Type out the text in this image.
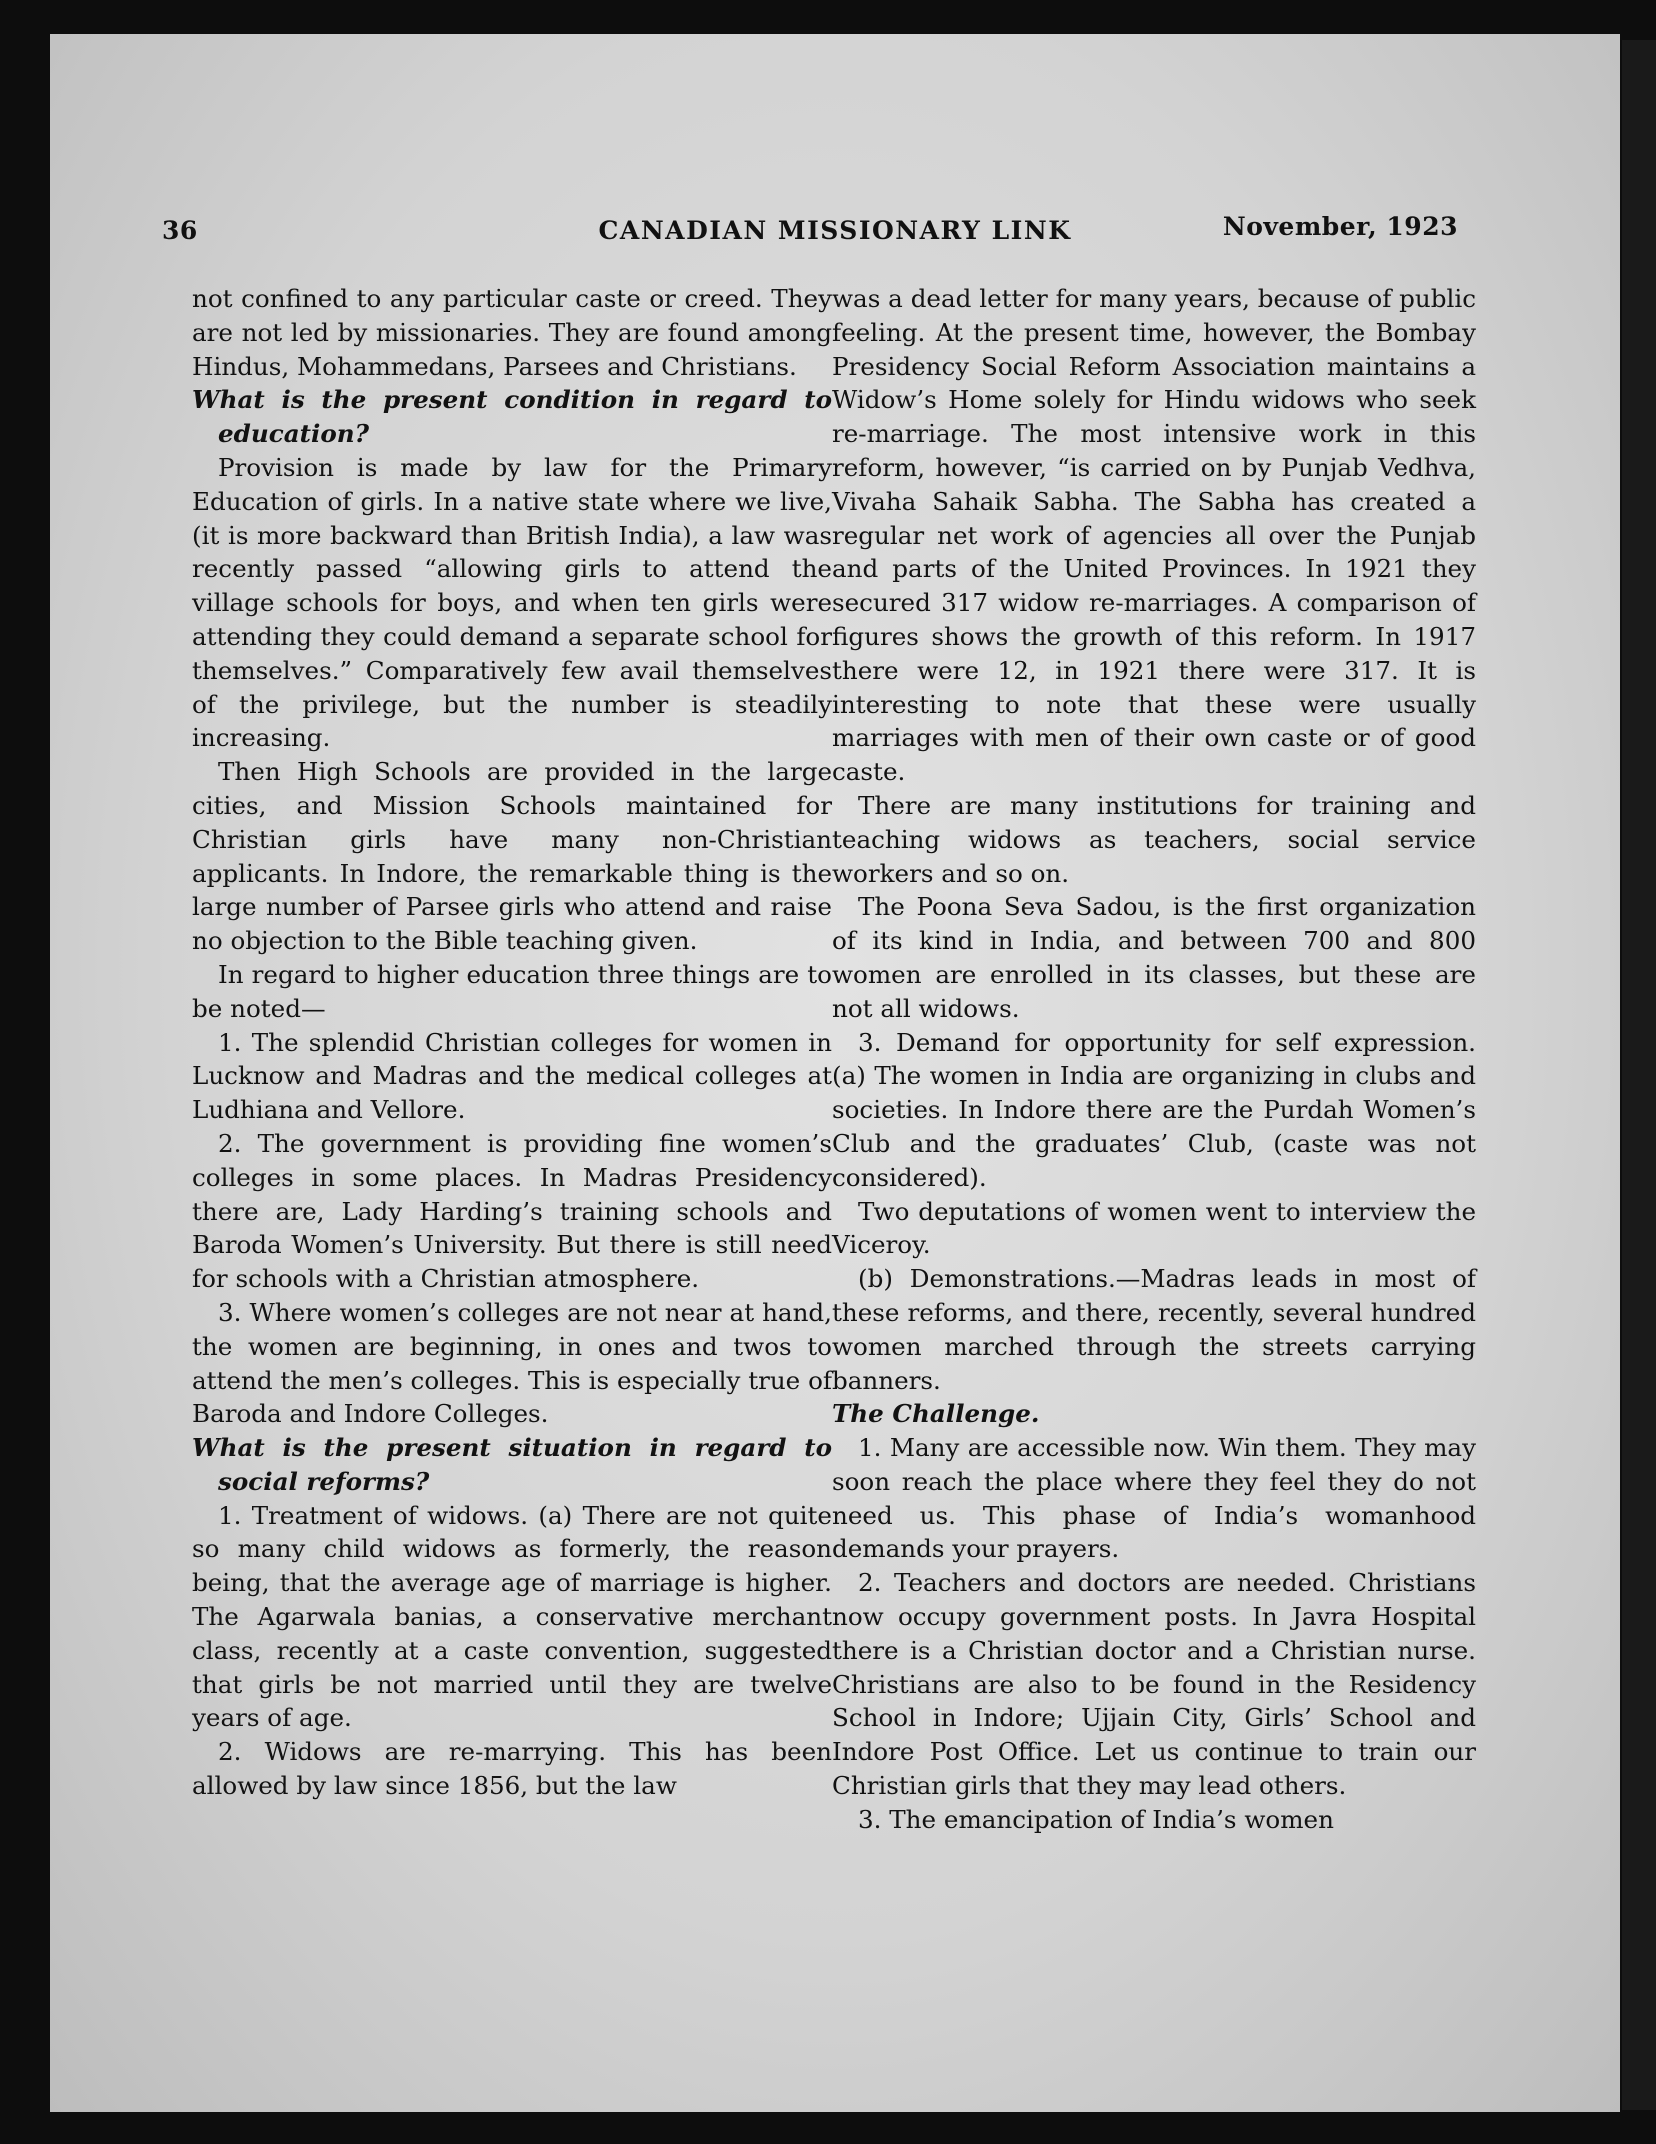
36	CANADIAN MISSIONARY LINK	November, 1923

not confined to any particular caste or creed. They are not led by missionaries. They are found among Hindus, Mohammedans, Parsees and Christians.

What is the present condition in regard to education?

Provision is made by law for the Primary Education of girls. In a native state where we live, (it is more backward than British India), a law was recently passed “allowing girls to attend the village schools for boys, and when ten girls were attending they could demand a separate school for themselves.” Comparatively few avail themselves of the privilege, but the number is steadily increasing.

Then High Schools are provided in the large cities, and Mission Schools maintained for Christian girls have many non-Christian applicants. In Indore, the remarkable thing is the large number of Parsee girls who attend and raise no objection to the Bible teaching given.

In regard to higher education three things are to be noted—

1. The splendid Christian colleges for women in Lucknow and Madras and the medical colleges at Ludhiana and Vellore.

2. The government is providing fine women’s colleges in some places. In Madras Presidency there are, Lady Harding’s training schools and Baroda Women’s University. But there is still need for schools with a Christian atmosphere.

3. Where women’s colleges are not near at hand, the women are beginning, in ones and twos to attend the men’s colleges. This is especially true of Baroda and Indore Colleges.

What is the present situation in regard to social reforms?

1. Treatment of widows. (a) There are not quite so many child widows as formerly, the reason being, that the average age of marriage is higher. The Agarwala banias, a conservative merchant class, recently at a caste convention, suggested that girls be not married until they are twelve years of age.

2. Widows are re-marrying. This has been allowed by law since 1856, but the law

was a dead letter for many years, because of public feeling. At the present time, however, the Bombay Presidency Social Reform Association maintains a Widow’s Home solely for Hindu widows who seek re-marriage. The most intensive work in this reform, however, “is carried on by Punjab Vedhva, Vivaha Sahaik Sabha. The Sabha has created a regular net work of agencies all over the Punjab and parts of the United Provinces. In 1921 they secured 317 widow re-marriages. A comparison of figures shows the growth of this reform. In 1917 there were 12, in 1921 there were 317. It is interesting to note that these were usually marriages with men of their own caste or of good caste.

There are many institutions for training and teaching widows as teachers, social service workers and so on.

The Poona Seva Sadou, is the first organization of its kind in India, and between 700 and 800 women are enrolled in its classes, but these are not all widows.

3. Demand for opportunity for self expression. (a) The women in India are organizing in clubs and societies. In Indore there are the Purdah Women’s Club and the graduates’ Club, (caste was not considered).

Two deputations of women went to interview the Viceroy.

(b) Demonstrations.—Madras leads in most of these reforms, and there, recently, several hundred women marched through the streets carrying banners.

The Challenge.

1. Many are accessible now. Win them. They may soon reach the place where they feel they do not need us. This phase of India’s womanhood demands your prayers.

2. Teachers and doctors are needed. Christians now occupy government posts. In Javra Hospital there is a Christian doctor and a Christian nurse. Christians are also to be found in the Residency School in Indore; Ujjain City, Girls’ School and Indore Post Office. Let us continue to train our Christian girls that they may lead others.

3. The emancipation of India’s women
